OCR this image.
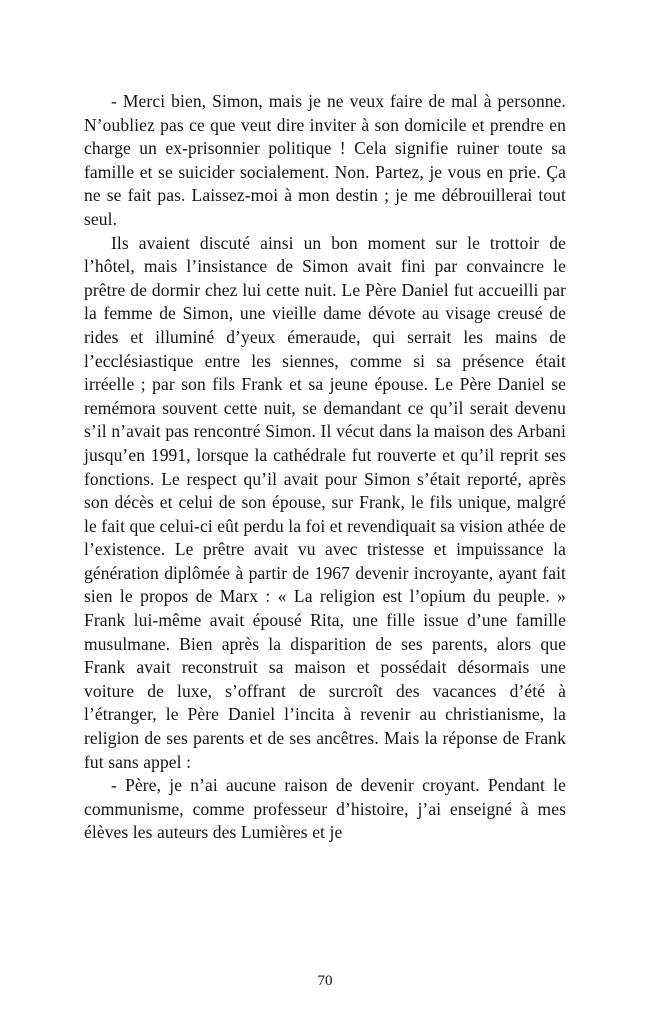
- Merci bien, Simon, mais je ne veux faire de mal à personne. N’oubliez pas ce que veut dire inviter à son domicile et prendre en charge un ex-prisonnier politique ! Cela signifie ruiner toute sa famille et se suicider socialement. Non. Partez, je vous en prie. Ça ne se fait pas. Laissez-moi à mon destin ; je me débrouillerai tout seul.

Ils avaient discuté ainsi un bon moment sur le trottoir de l’hôtel, mais l’insistance de Simon avait fini par convaincre le prêtre de dormir chez lui cette nuit. Le Père Daniel fut accueilli par la femme de Simon, une vieille dame dévote au visage creusé de rides et illuminé d’yeux émeraude, qui serrait les mains de l’ecclésiastique entre les siennes, comme si sa présence était irréelle ; par son fils Frank et sa jeune épouse. Le Père Daniel se remémora souvent cette nuit, se demandant ce qu’il serait devenu s’il n’avait pas rencontré Simon. Il vécut dans la maison des Arbani jusqu’en 1991, lorsque la cathédrale fut rouverte et qu’il reprit ses fonctions. Le respect qu’il avait pour Simon s’était reporté, après son décès et celui de son épouse, sur Frank, le fils unique, malgré le fait que celui-ci eût perdu la foi et revendiquait sa vision athée de l’existence. Le prêtre avait vu avec tristesse et impuissance la génération diplômée à partir de 1967 devenir incroyante, ayant fait sien le propos de Marx : « La religion est l’opium du peuple. » Frank lui-même avait épousé Rita, une fille issue d’une famille musulmane. Bien après la disparition de ses parents, alors que Frank avait reconstruit sa maison et possédait désormais une voiture de luxe, s’offrant de surcroît des vacances d’été à l’étranger, le Père Daniel l’incita à revenir au christianisme, la religion de ses parents et de ses ancêtres. Mais la réponse de Frank fut sans appel :

- Père, je n’ai aucune raison de devenir croyant. Pendant le communisme, comme professeur d’histoire, j’ai enseigné à mes élèves les auteurs des Lumières et je

70
